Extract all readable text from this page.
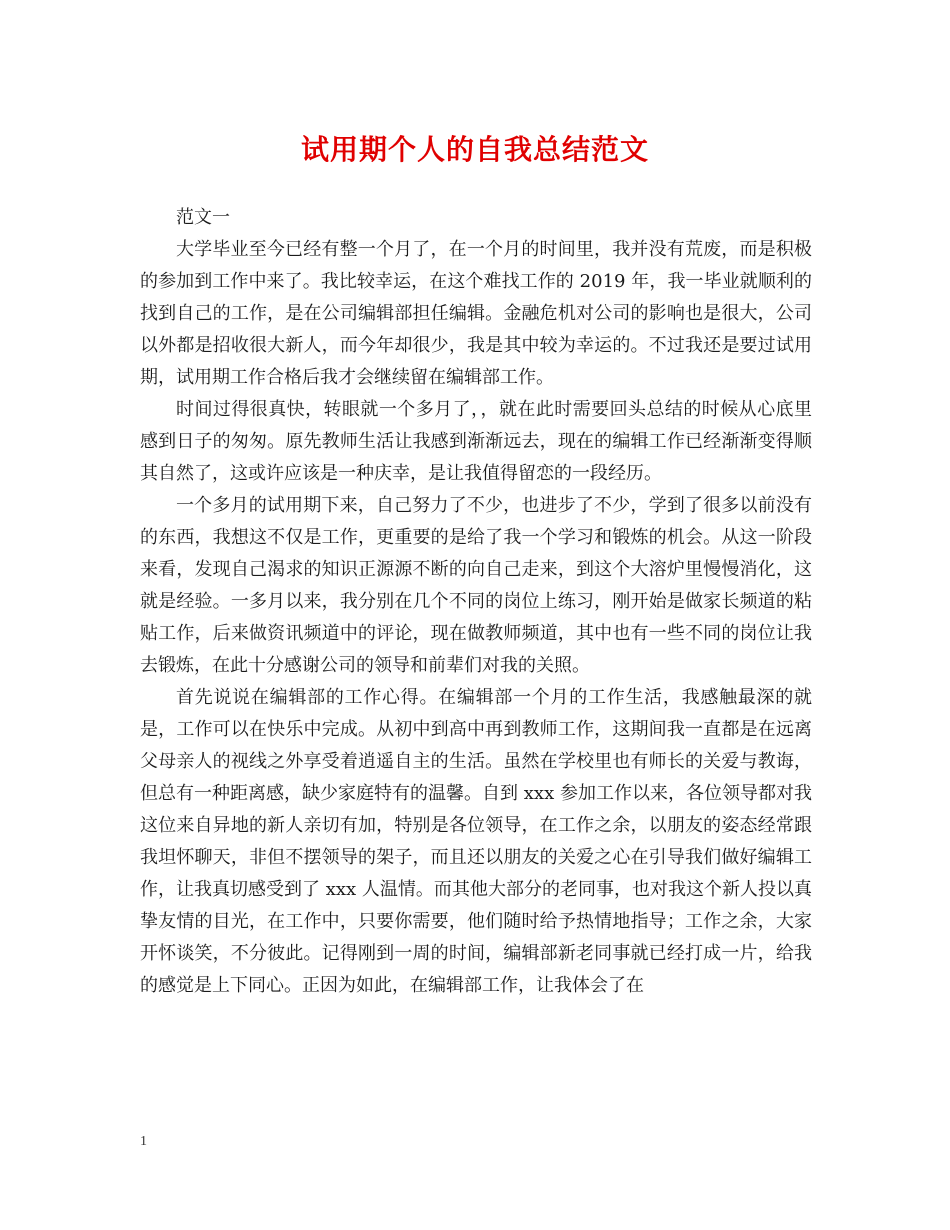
试用期个人的自我总结范文

范文一

大学毕业至今已经有整一个月了，在一个月的时间里，我并没有荒废，而是积极的参加到工作中来了。我比较幸运，在这个难找工作的 2019 年，我一毕业就顺利的找到自己的工作，是在公司编辑部担任编辑。金融危机对公司的影响也是很大，公司以外都是招收很大新人，而今年却很少，我是其中较为幸运的。不过我还是要过试用期，试用期工作合格后我才会继续留在编辑部工作。

时间过得很真快，转眼就一个多月了，，就在此时需要回头总结的时候从心底里感到日子的匆匆。原先教师生活让我感到渐渐远去，现在的编辑工作已经渐渐变得顺其自然了，这或许应该是一种庆幸，是让我值得留恋的一段经历。

一个多月的试用期下来，自己努力了不少，也进步了不少，学到了很多以前没有的东西，我想这不仅是工作，更重要的是给了我一个学习和锻炼的机会。从这一阶段来看，发现自己渴求的知识正源源不断的向自己走来，到这个大溶炉里慢慢消化，这就是经验。一多月以来，我分别在几个不同的岗位上练习，刚开始是做家长频道的粘贴工作，后来做资讯频道中的评论，现在做教师频道，其中也有一些不同的岗位让我去锻炼，在此十分感谢公司的领导和前辈们对我的关照。

首先说说在编辑部的工作心得。在编辑部一个月的工作生活，我感触最深的就是，工作可以在快乐中完成。从初中到高中再到教师工作，这期间我一直都是在远离父母亲人的视线之外享受着逍遥自主的生活。虽然在学校里也有师长的关爱与教诲，但总有一种距离感，缺少家庭特有的温馨。自到 xxx 参加工作以来，各位领导都对我这位来自异地的新人亲切有加，特别是各位领导，在工作之余，以朋友的姿态经常跟我坦怀聊天，非但不摆领导的架子，而且还以朋友的关爱之心在引导我们做好编辑工作，让我真切感受到了 xxx 人温情。而其他大部分的老同事，也对我这个新人投以真挚友情的目光，在工作中，只要你需要，他们随时给予热情地指导；工作之余，大家开怀谈笑，不分彼此。记得刚到一周的时间，编辑部新老同事就已经打成一片，给我的感觉是上下同心。正因为如此，在编辑部工作，让我体会了在

1
